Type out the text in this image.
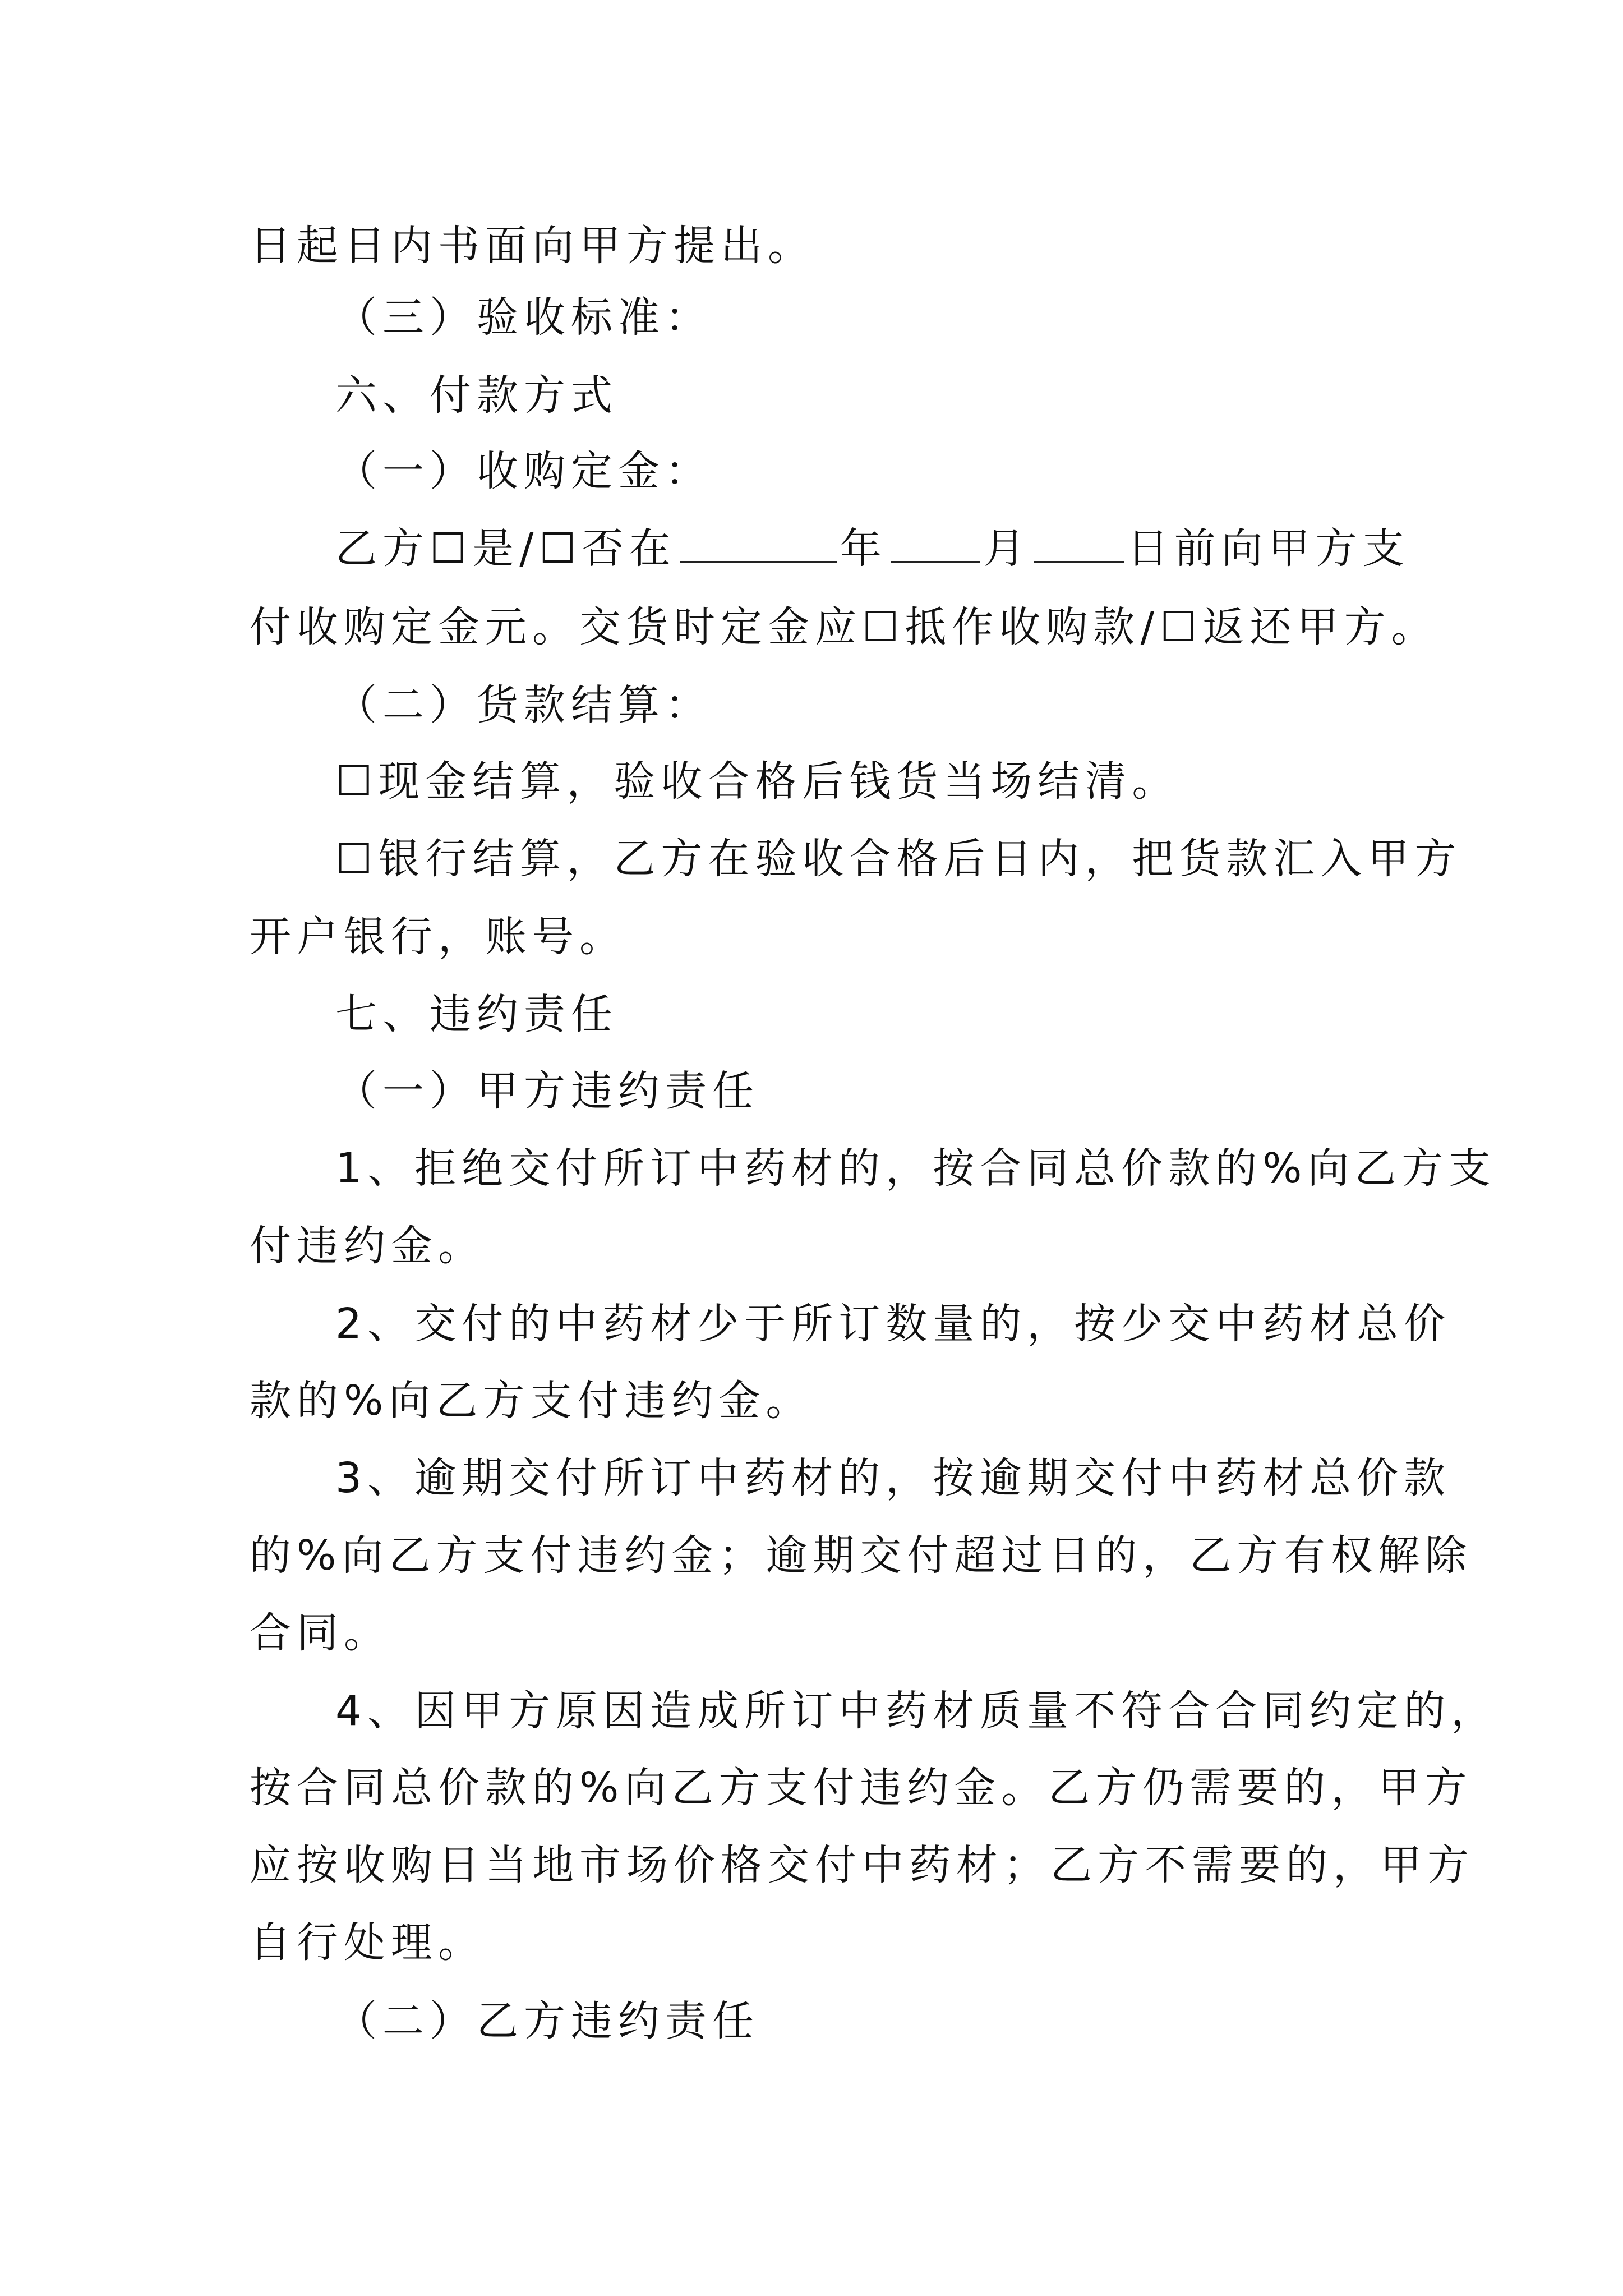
日起日内书面向甲方提出。
（三）验收标准：
六、付款方式
（一）收购定金：
乙方☐是/☐否在	年 月 日前向甲方支
付收购定金元。交货时定金应☐抵作收购款/☐返还甲方。
（二）货款结算：
☐现金结算，验收合格后钱货当场结清。
☐银行结算，乙方在验收合格后日内，把货款汇入甲方
开户银行，账号。
七、违约责任
（一）甲方违约责任
1、拒绝交付所订中药材的，按合同总价款的%向乙方支
付违约金。
2、交付的中药材少于所订数量的，按少交中药材总价
款的%向乙方支付违约金。
3、逾期交付所订中药材的，按逾期交付中药材总价款
的%向乙方支付违约金；逾期交付超过日的，乙方有权解除
合同。
4、因甲方原因造成所订中药材质量不符合合同约定的，
按合同总价款的%向乙方支付违约金。乙方仍需要的，甲方
应按收购日当地市场价格交付中药材；乙方不需要的，甲方
自行处理。
（二）乙方违约责任
